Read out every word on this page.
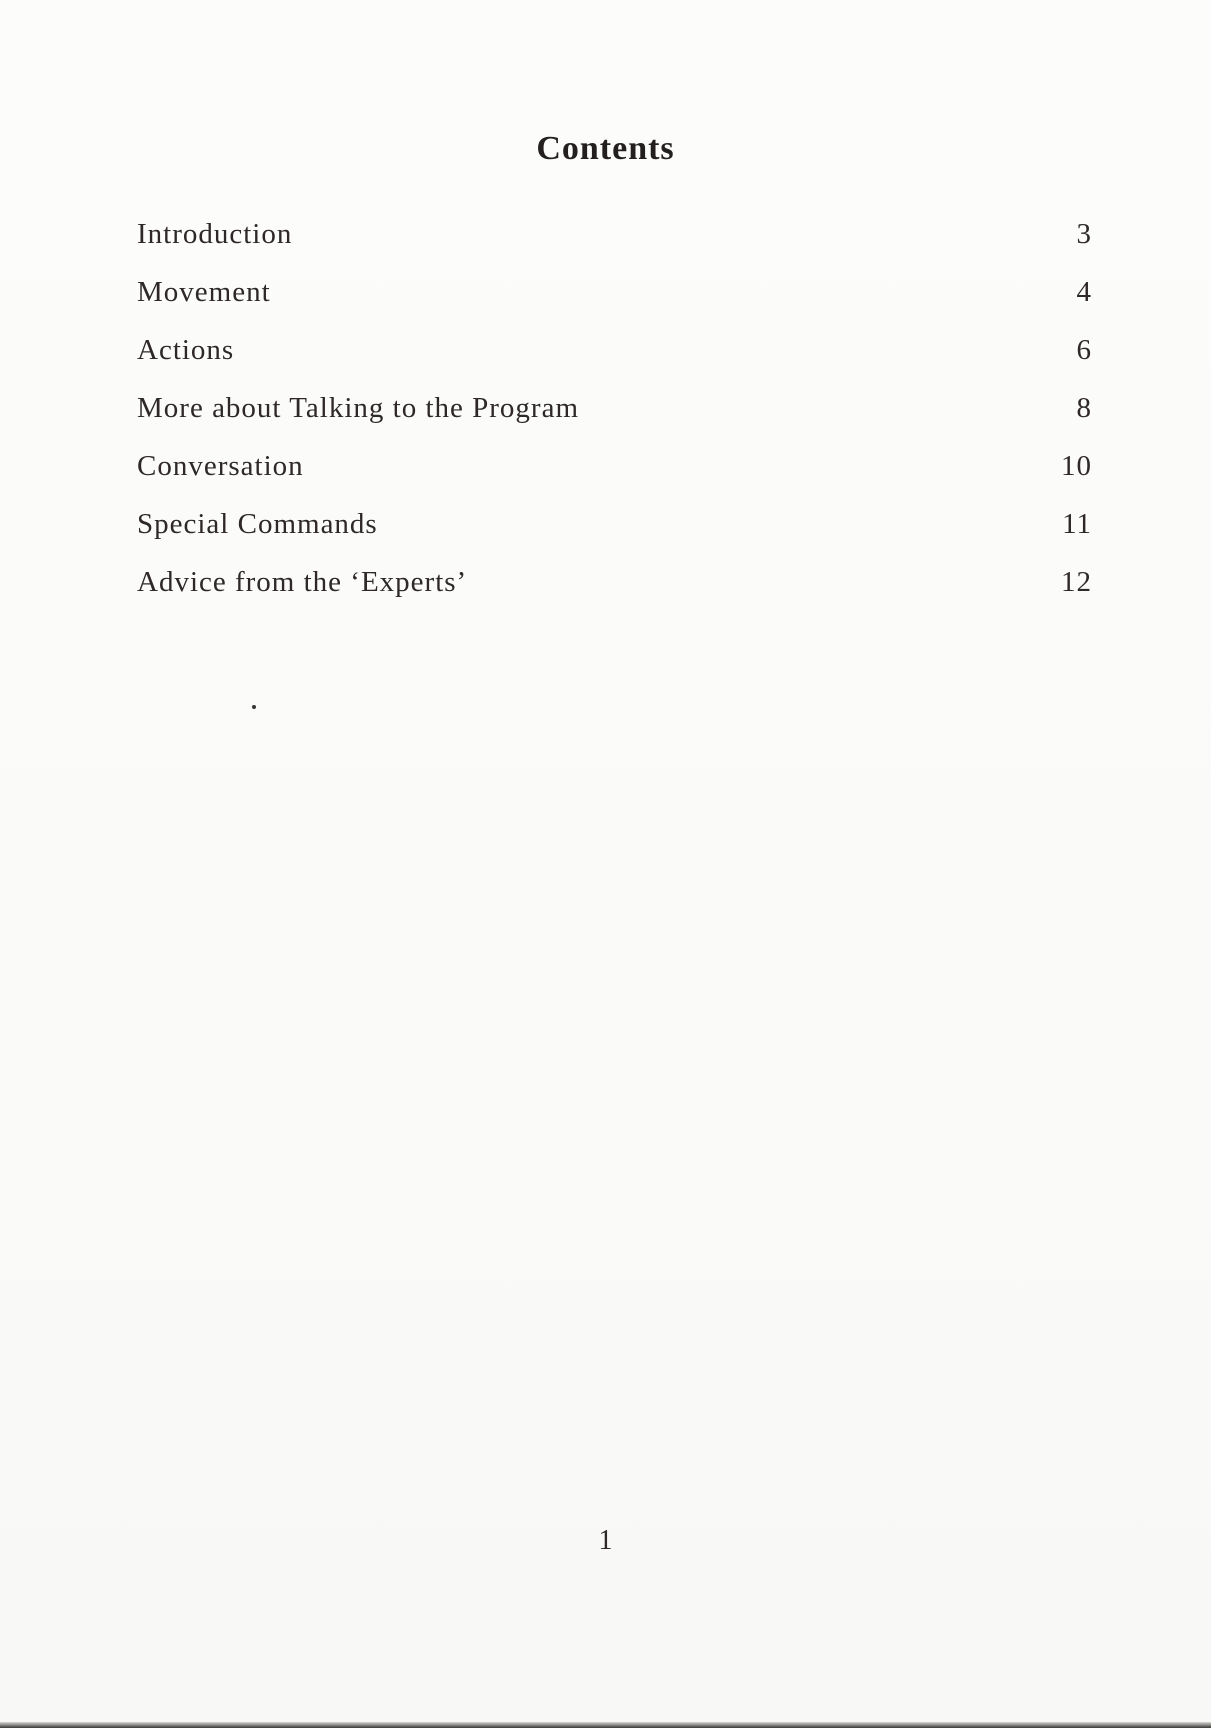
Contents
Introduction	3
Movement	4
Actions	6
More about Talking to the Program	8
Conversation	10
Special Commands	11
Advice from the ‘Experts’	12
1
